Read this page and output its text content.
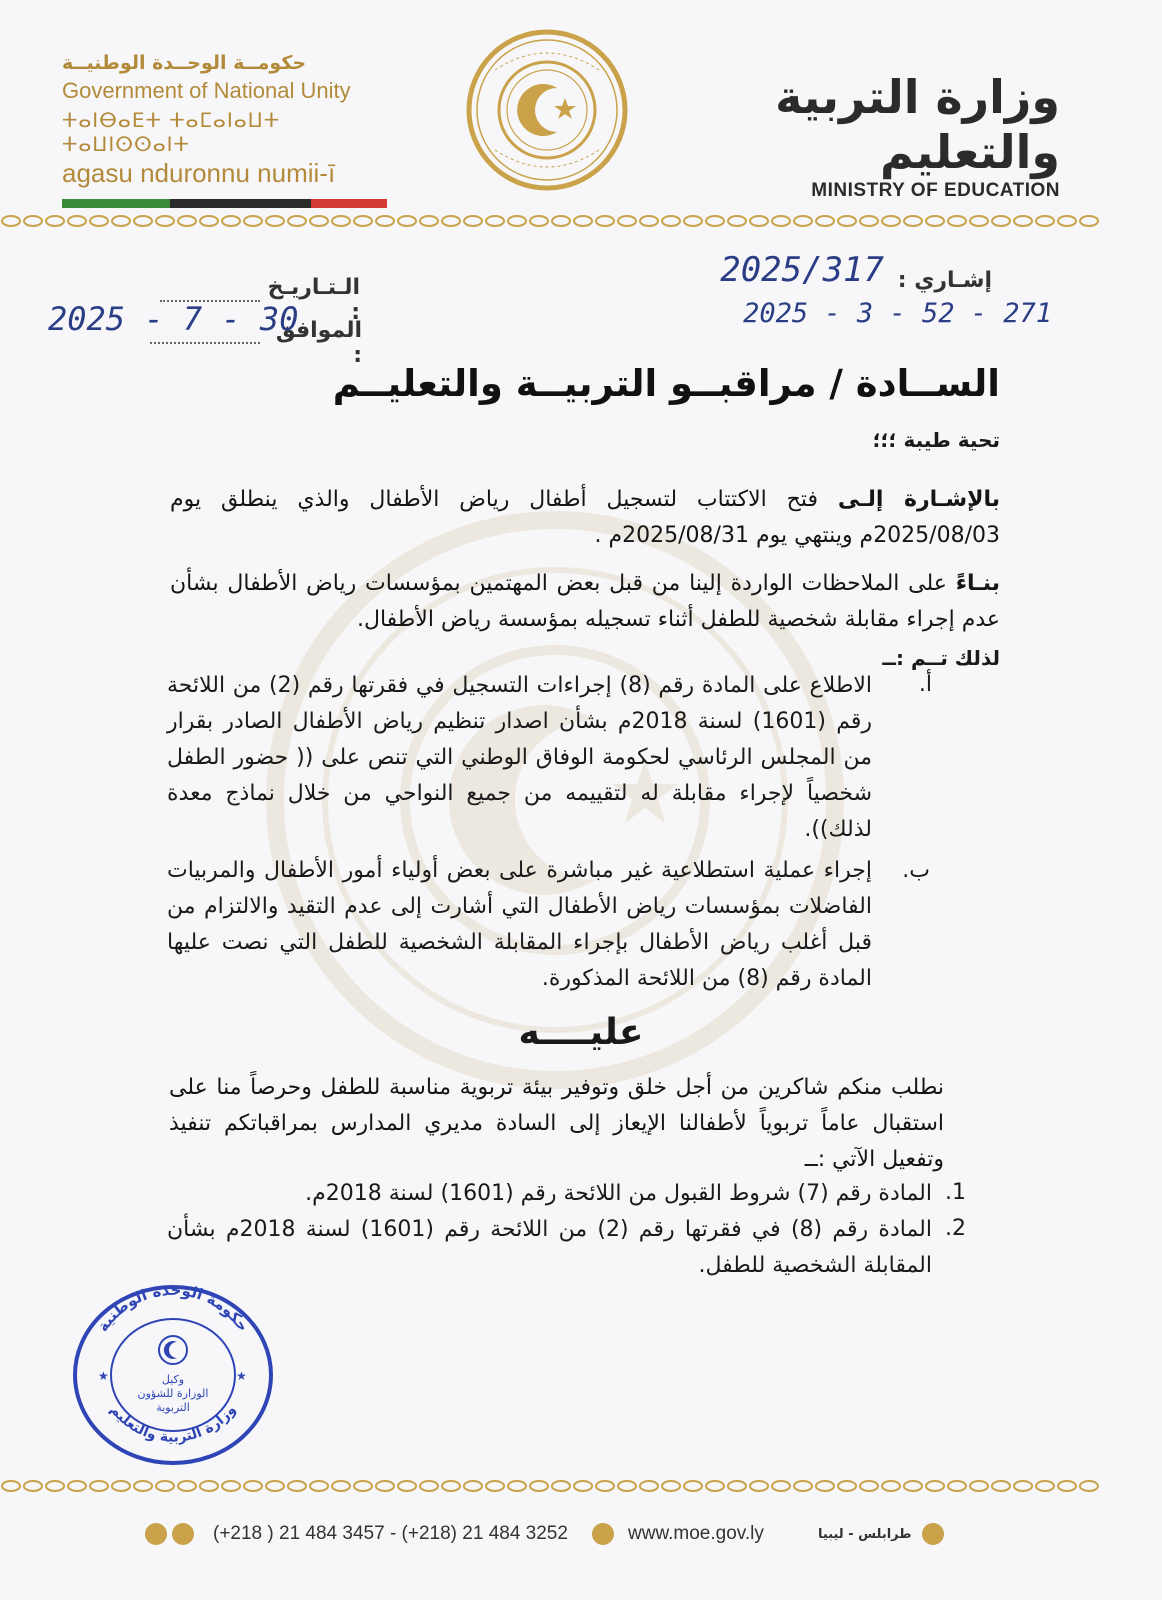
حكومــة الوحــدة الوطنيــة
Government of National Unity
ⵜⴰⵏⴱⴰⴹⵜ ⵜⴰⵎⴰⵏⴰⵡⵜ ⵜⴰⵡⵏⵙⵙⴰⵏⵜ
agasu nduronnu numii-ī
وزارة التربية والتعليم
MINISTRY OF EDUCATION
إشـاري :
2025/317
2025 - 3 - 52 - 271
الـتـاريـخ :
الموافق :
2025 - 7 - 30
الســادة / مراقبــو التربيــة والتعليــم
تحية طيبة ؛؛؛
بالإشـارة إلـى فتح الاكتتاب لتسجيل أطفال رياض الأطفال والذي ينطلق يوم 2025/08/03م وينتهي يوم 2025/08/31م .
بنـاءً على الملاحظات الواردة إلينا من قبل بعض المهتمين بمؤسسات رياض الأطفال بشأن عدم إجراء مقابلة شخصية للطفل أثناء تسجيله بمؤسسة رياض الأطفال.
لذلك تــم :ــ
أ.
الاطلاع على المادة رقم (8) إجراءات التسجيل في فقرتها رقم (2) من اللائحة رقم (1601) لسنة 2018م بشأن اصدار تنظيم رياض الأطفال الصادر بقرار من المجلس الرئاسي لحكومة الوفاق الوطني التي تنص على (( حضور الطفل شخصياً لإجراء مقابلة له لتقييمه من جميع النواحي من خلال نماذج معدة لذلك)).
ب.
إجراء عملية استطلاعية غير مباشرة على بعض أولياء أمور الأطفال والمربيات الفاضلات بمؤسسات رياض الأطفال التي أشارت إلى عدم التقيد والالتزام من قبل أغلب رياض الأطفال بإجراء المقابلة الشخصية للطفل التي نصت عليها المادة رقم (8) من اللائحة المذكورة.
عليــــه
نطلب منكم شاكرين من أجل خلق وتوفير بيئة تربوية مناسبة للطفل وحرصاً منا على استقبال عاماً تربوياً لأطفالنا الإيعاز إلى السادة مديري المدارس بمراقباتكم تنفيذ وتفعيل الآتي :ــ
1.
المادة رقم (7) شروط القبول من اللائحة رقم (1601) لسنة 2018م.
2.
المادة رقم (8) في فقرتها رقم (2) من اللائحة رقم (1601) لسنة 2018م بشأن المقابلة الشخصية للطفل.
حكومة الوحدة الوطنية
وزارة التربية والتعليم
وكيل
الوزارة للشؤون
التربوية
★	★
(+218 ) 21 484 3457 - (+218) 21 484 3252	www.moe.gov.ly	طرابلس - ليبيا
